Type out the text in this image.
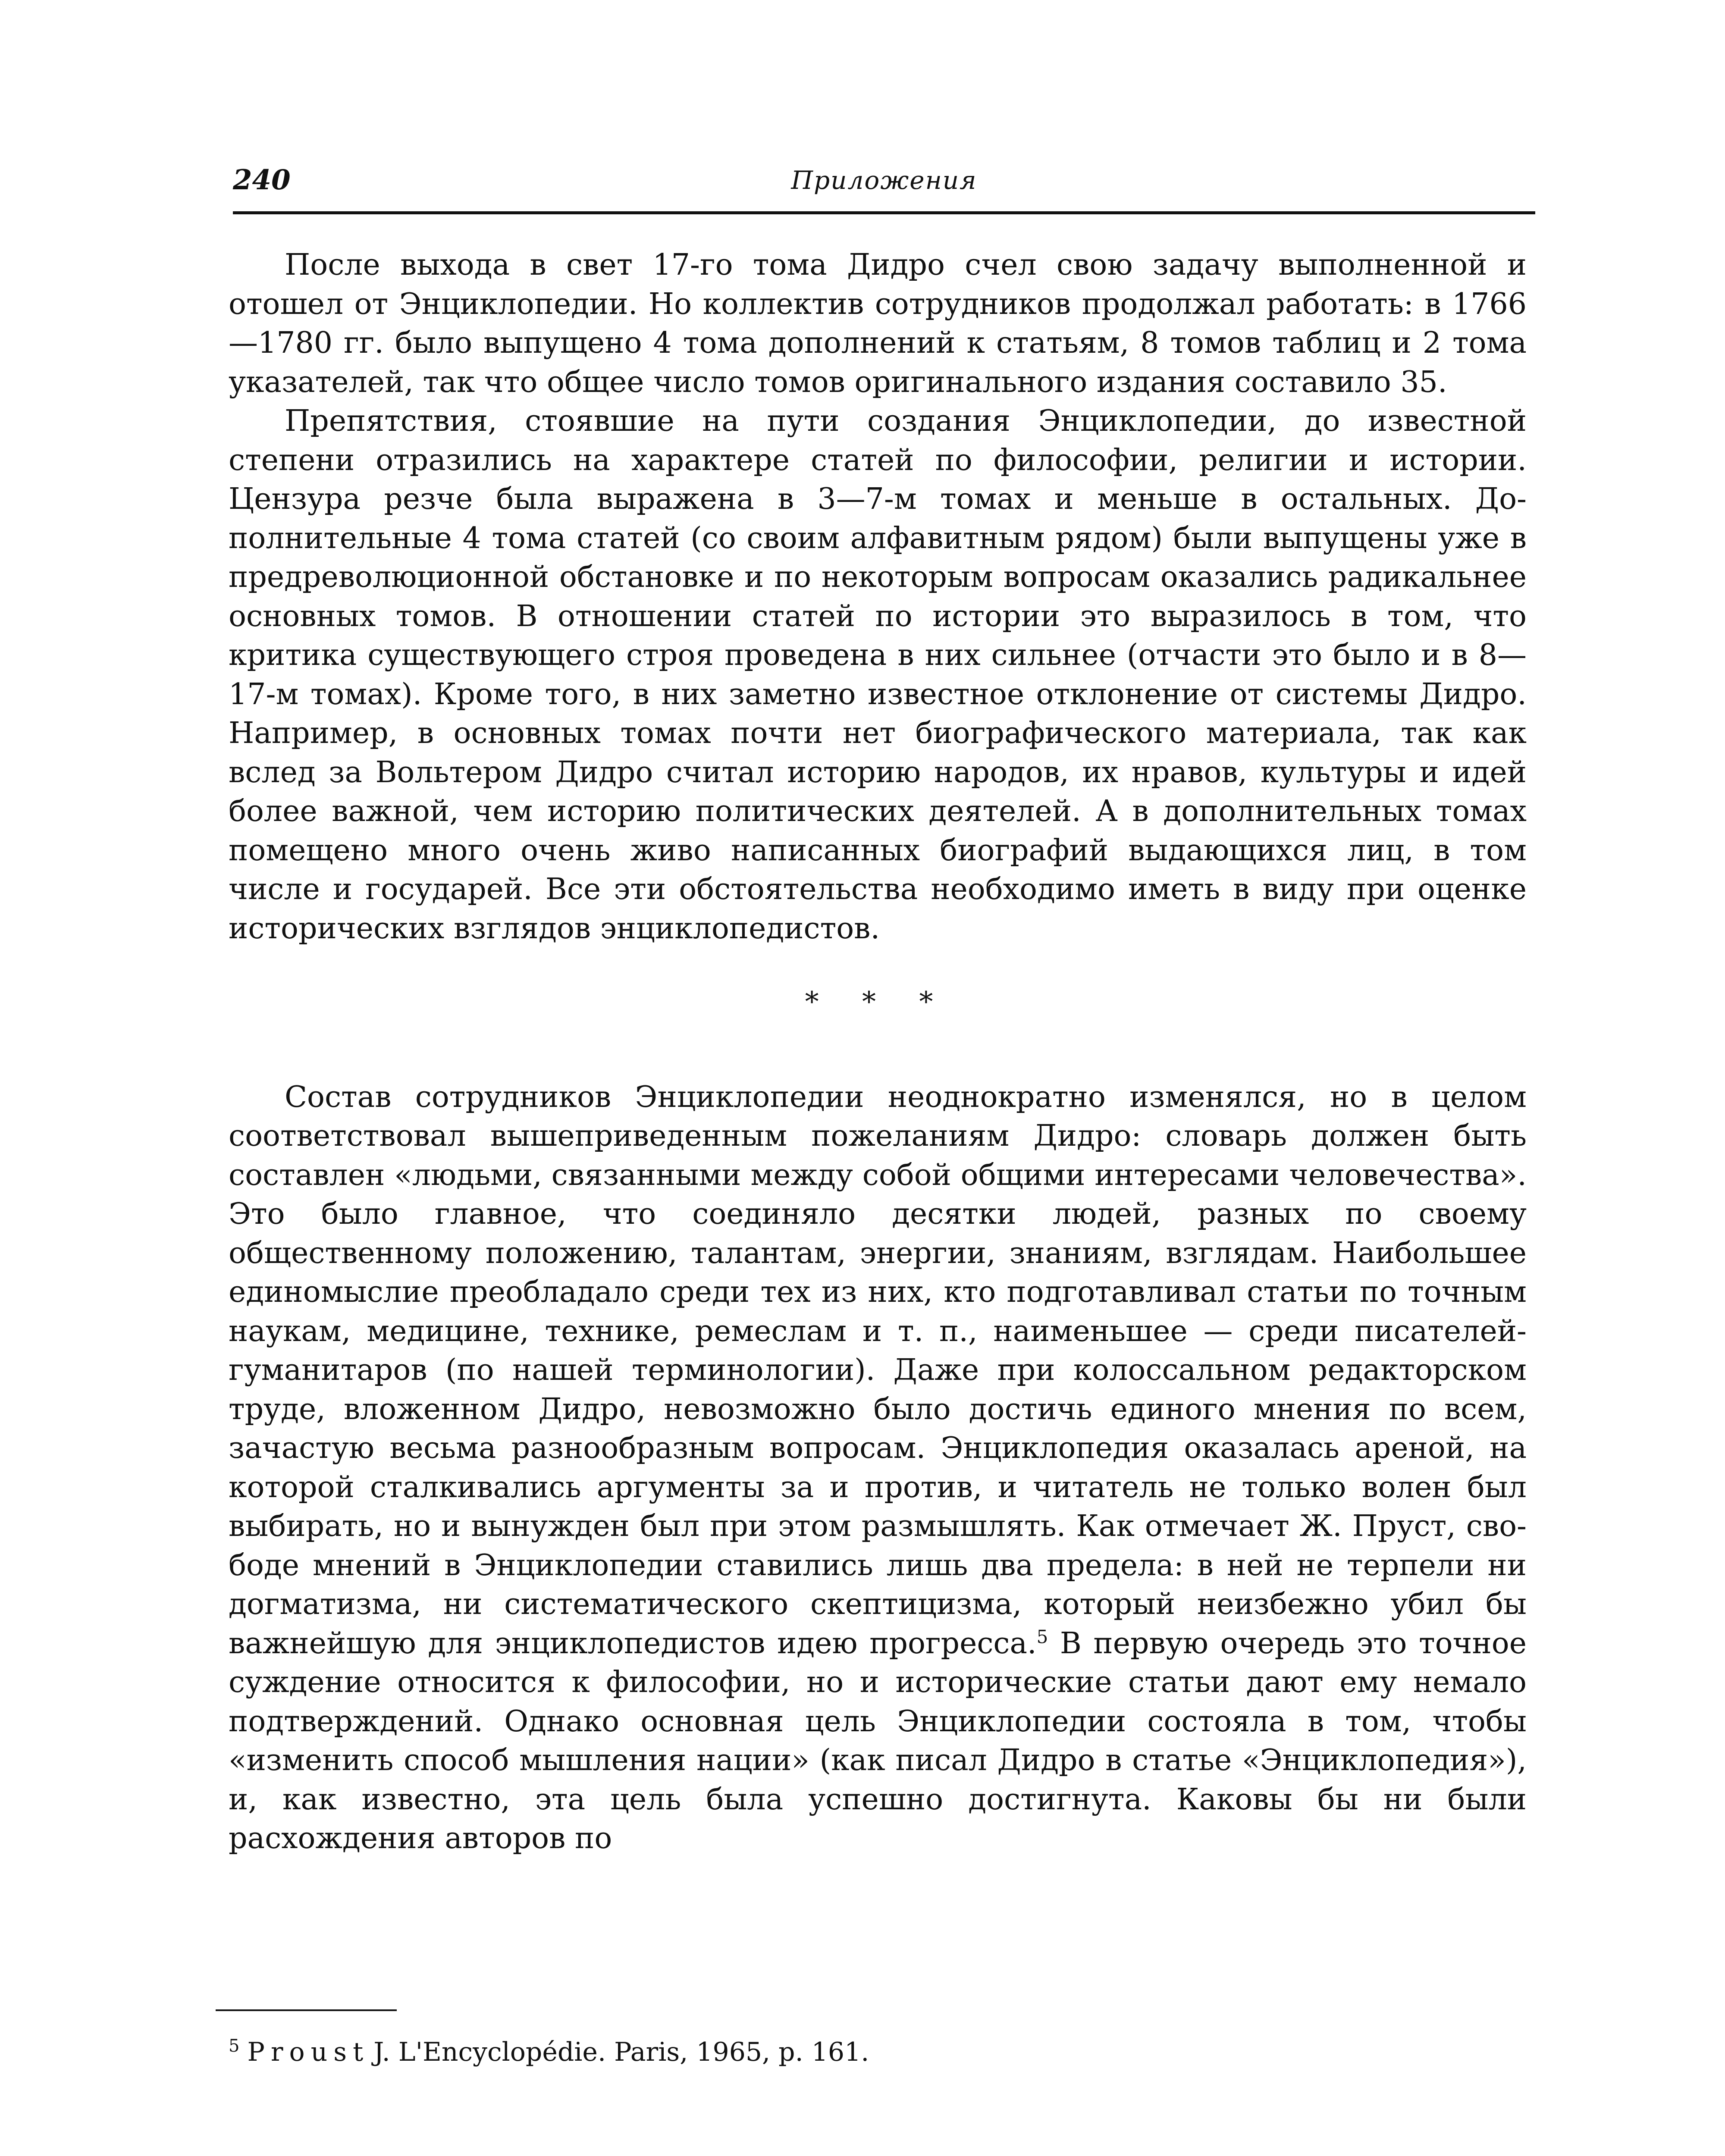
240	Приложения

После выхода в свет 17-го тома Дидро счел свою задачу выполненной и отошел от Энциклопедии. Но коллектив сотрудников продолжал работать: в 1766—1780 гг. было выпущено 4 тома дополнений к статьям, 8 томов таблиц и 2 тома указателей, так что общее число томов оригинального издания составило 35.

Препятствия, стоявшие на пути создания Энциклопедии, до известной степени отразились на характере статей по философии, религии и истории. Цензура резче была выражена в 3—7-м томах и меньше в остальных. Дополнительные 4 тома статей (со своим алфавитным рядом) были выпущены уже в предреволюционной обстановке и по некоторым вопросам оказались радикальнее основных томов. В отношении статей по истории это выразилось в том, что критика существующего строя проведена в них сильнее (отчасти это было и в 8—17-м томах). Кроме того, в них заметно известное отклонение от системы Дидро. Например, в основных томах почти нет биографического материала, так как вслед за Вольтером Дидро считал историю народов, их нравов, культуры и идей более важной, чем историю политических деятелей. А в дополнительных томах помещено много очень живо написанных биографий выдающихся лиц, в том числе и государей. Все эти обстоятельства необходимо иметь в виду при оценке исторических взглядов энциклопедистов.

* * *

Состав сотрудников Энциклопедии неоднократно изменялся, но в целом соответствовал вышеприведенным пожеланиям Дидро: словарь должен быть составлен «людьми, связанными между собой общими интересами человечества». Это было главное, что соединяло десятки людей, разных по своему общественному положению, талантам, энергии, знаниям, взглядам. Наибольшее единомыслие преобладало среди тех из них, кто подготавливал статьи по точным наукам, медицине, технике, ремеслам и т. п., наименьшее — среди писателей-гуманитаров (по нашей терминологии). Даже при колоссальном редакторском труде, вложенном Дидро, невозможно было достичь единого мнения по всем, зачастую весьма разнообразным вопросам. Энциклопедия оказалась ареной, на которой сталкивались аргументы за и против, и читатель не только волен был выбирать, но и вынужден был при этом размышлять. Как отмечает Ж. Пруст, свободе мнений в Энциклопедии ставились лишь два предела: в ней не терпели ни догматизма, ни систематического скептицизма, который неизбежно убил бы важнейшую для энциклопедистов идею прогресса.$^5$ В первую очередь это точное суждение относится к философии, но и исторические статьи дают ему немало подтверждений. Однако основная цель Энциклопедии состояла в том, чтобы «изменить способ мышления нации» (как писал Дидро в статье «Энциклопедия»), и, как известно, эта цель была успешно достигнута. Каковы бы ни были расхождения авторов по

$^5$ Proust J. L'Encyclopédie. Paris, 1965, p. 161.
